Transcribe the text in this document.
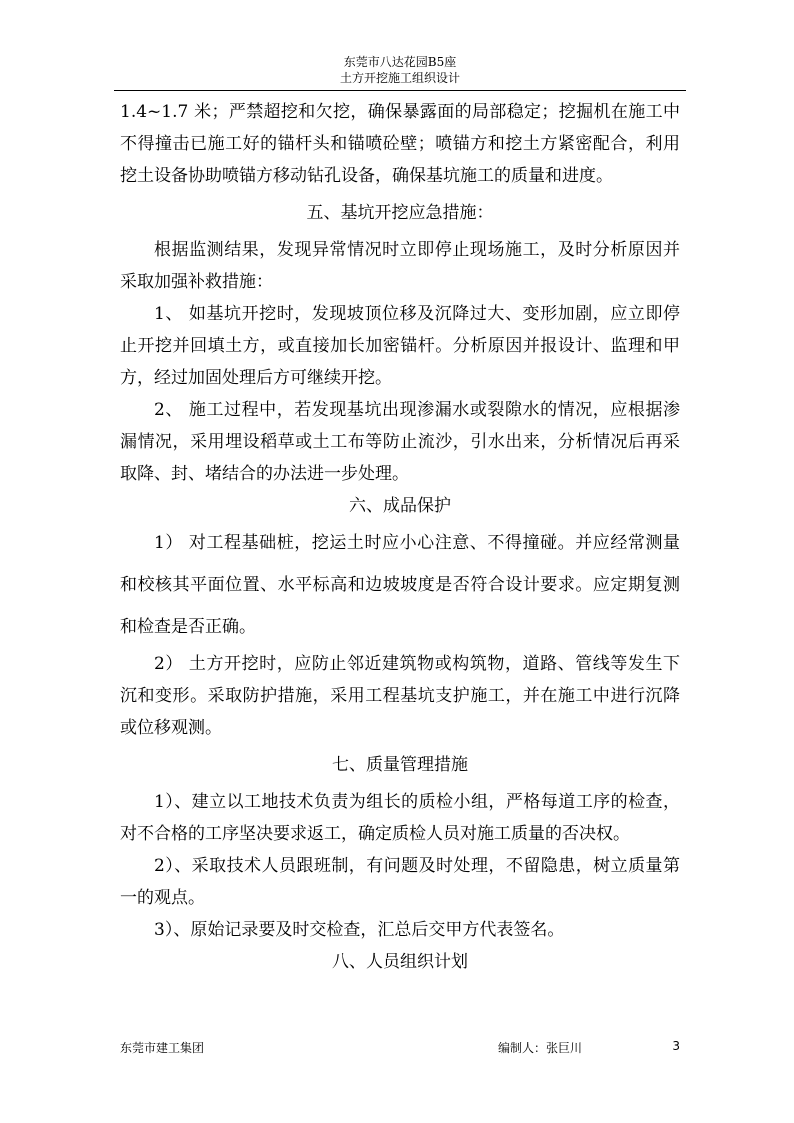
东莞市八达花园B5座
土方开挖施工组织设计

1.4~1.7 米；严禁超挖和欠挖，确保暴露面的局部稳定；挖掘机在施工中不得撞击已施工好的锚杆头和锚喷砼壁；喷锚方和挖土方紧密配合，利用挖土设备协助喷锚方移动钻孔设备，确保基坑施工的质量和进度。

五、基坑开挖应急措施：

根据监测结果，发现异常情况时立即停止现场施工，及时分析原因并采取加强补救措施：

1、 如基坑开挖时，发现坡顶位移及沉降过大、变形加剧，应立即停止开挖并回填土方，或直接加长加密锚杆。分析原因并报设计、监理和甲方，经过加固处理后方可继续开挖。

2、 施工过程中，若发现基坑出现渗漏水或裂隙水的情况，应根据渗漏情况，采用埋设稻草或土工布等防止流沙，引水出来，分析情况后再采取降、封、堵结合的办法进一步处理。

六、成品保护

1） 对工程基础桩，挖运土时应小心注意、不得撞碰。并应经常测量和校核其平面位置、水平标高和边坡坡度是否符合设计要求。应定期复测和检查是否正确。

2） 土方开挖时，应防止邻近建筑物或构筑物，道路、管线等发生下沉和变形。采取防护措施，采用工程基坑支护施工，并在施工中进行沉降或位移观测。

七、质量管理措施

1）、建立以工地技术负责为组长的质检小组，严格每道工序的检查，对不合格的工序坚决要求返工，确定质检人员对施工质量的否决权。

2）、采取技术人员跟班制，有问题及时处理，不留隐患，树立质量第一的观点。

3）、原始记录要及时交检查，汇总后交甲方代表签名。

八、人员组织计划

东莞市建工集团	编制人：张巨川	3
